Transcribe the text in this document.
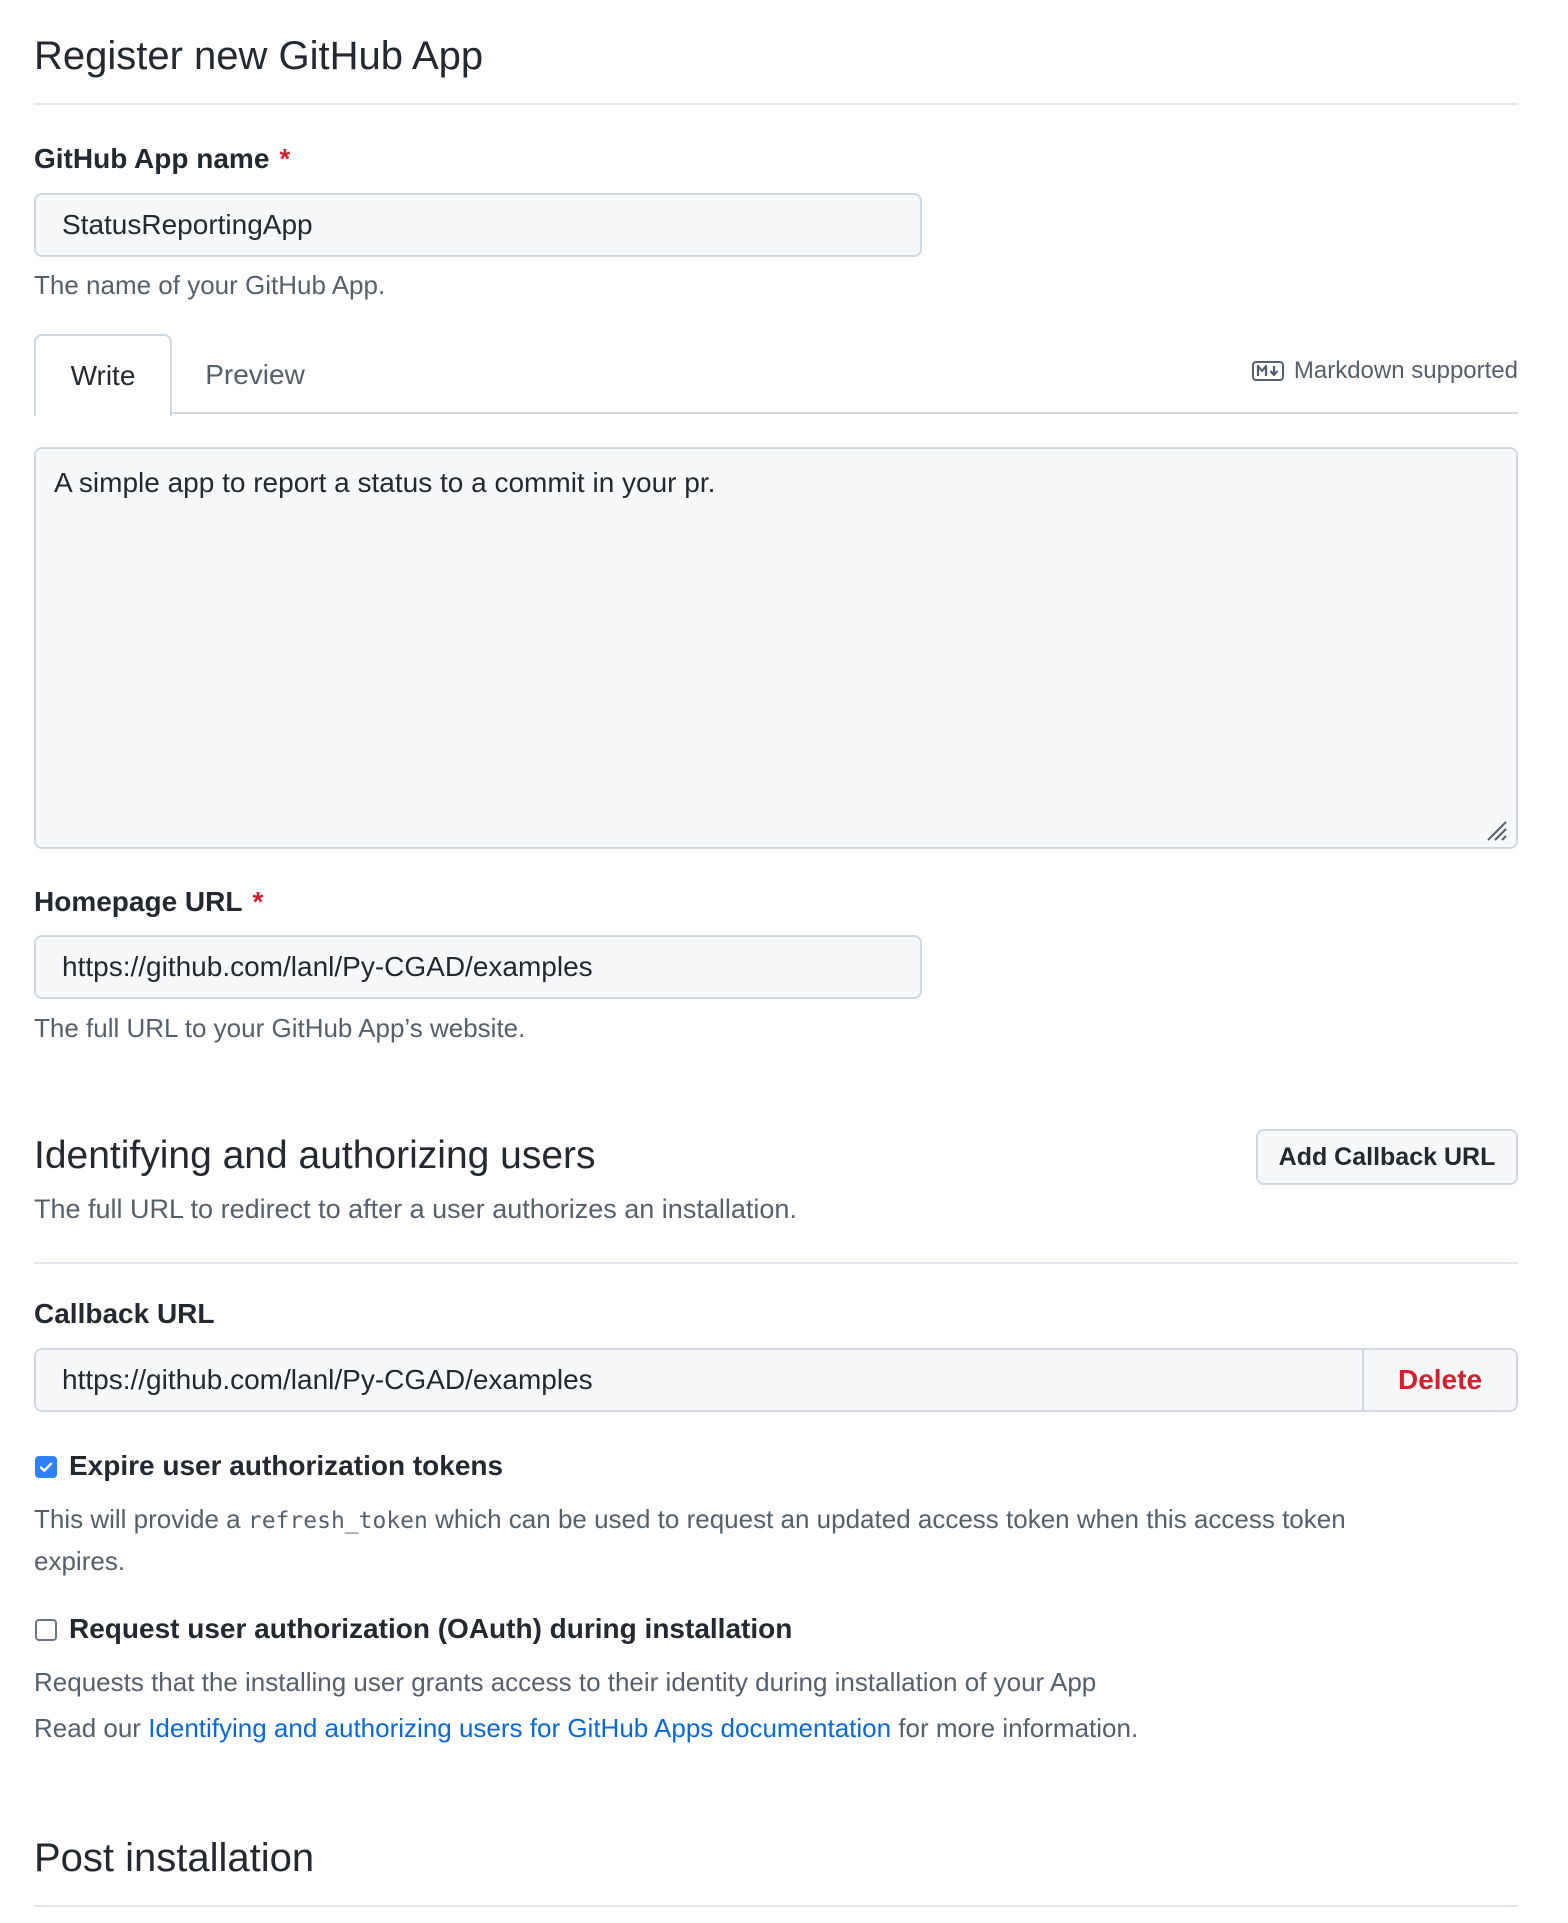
Register new GitHub App
GitHub App name *
StatusReportingApp
The name of your GitHub App.
Write	Preview	Markdown supported
A simple app to report a status to a commit in your pr.
Homepage URL *
https://github.com/lanl/Py-CGAD/examples
The full URL to your GitHub App’s website.
Identifying and authorizing users	Add Callback URL
The full URL to redirect to after a user authorizes an installation.
Callback URL
https://github.com/lanl/Py-CGAD/examples	Delete
Expire user authorization tokens
This will provide a refresh_token which can be used to request an updated access token when this access token
expires.
Request user authorization (OAuth) during installation
Requests that the installing user grants access to their identity during installation of your App
Read our Identifying and authorizing users for GitHub Apps documentation for more information.
Post installation
